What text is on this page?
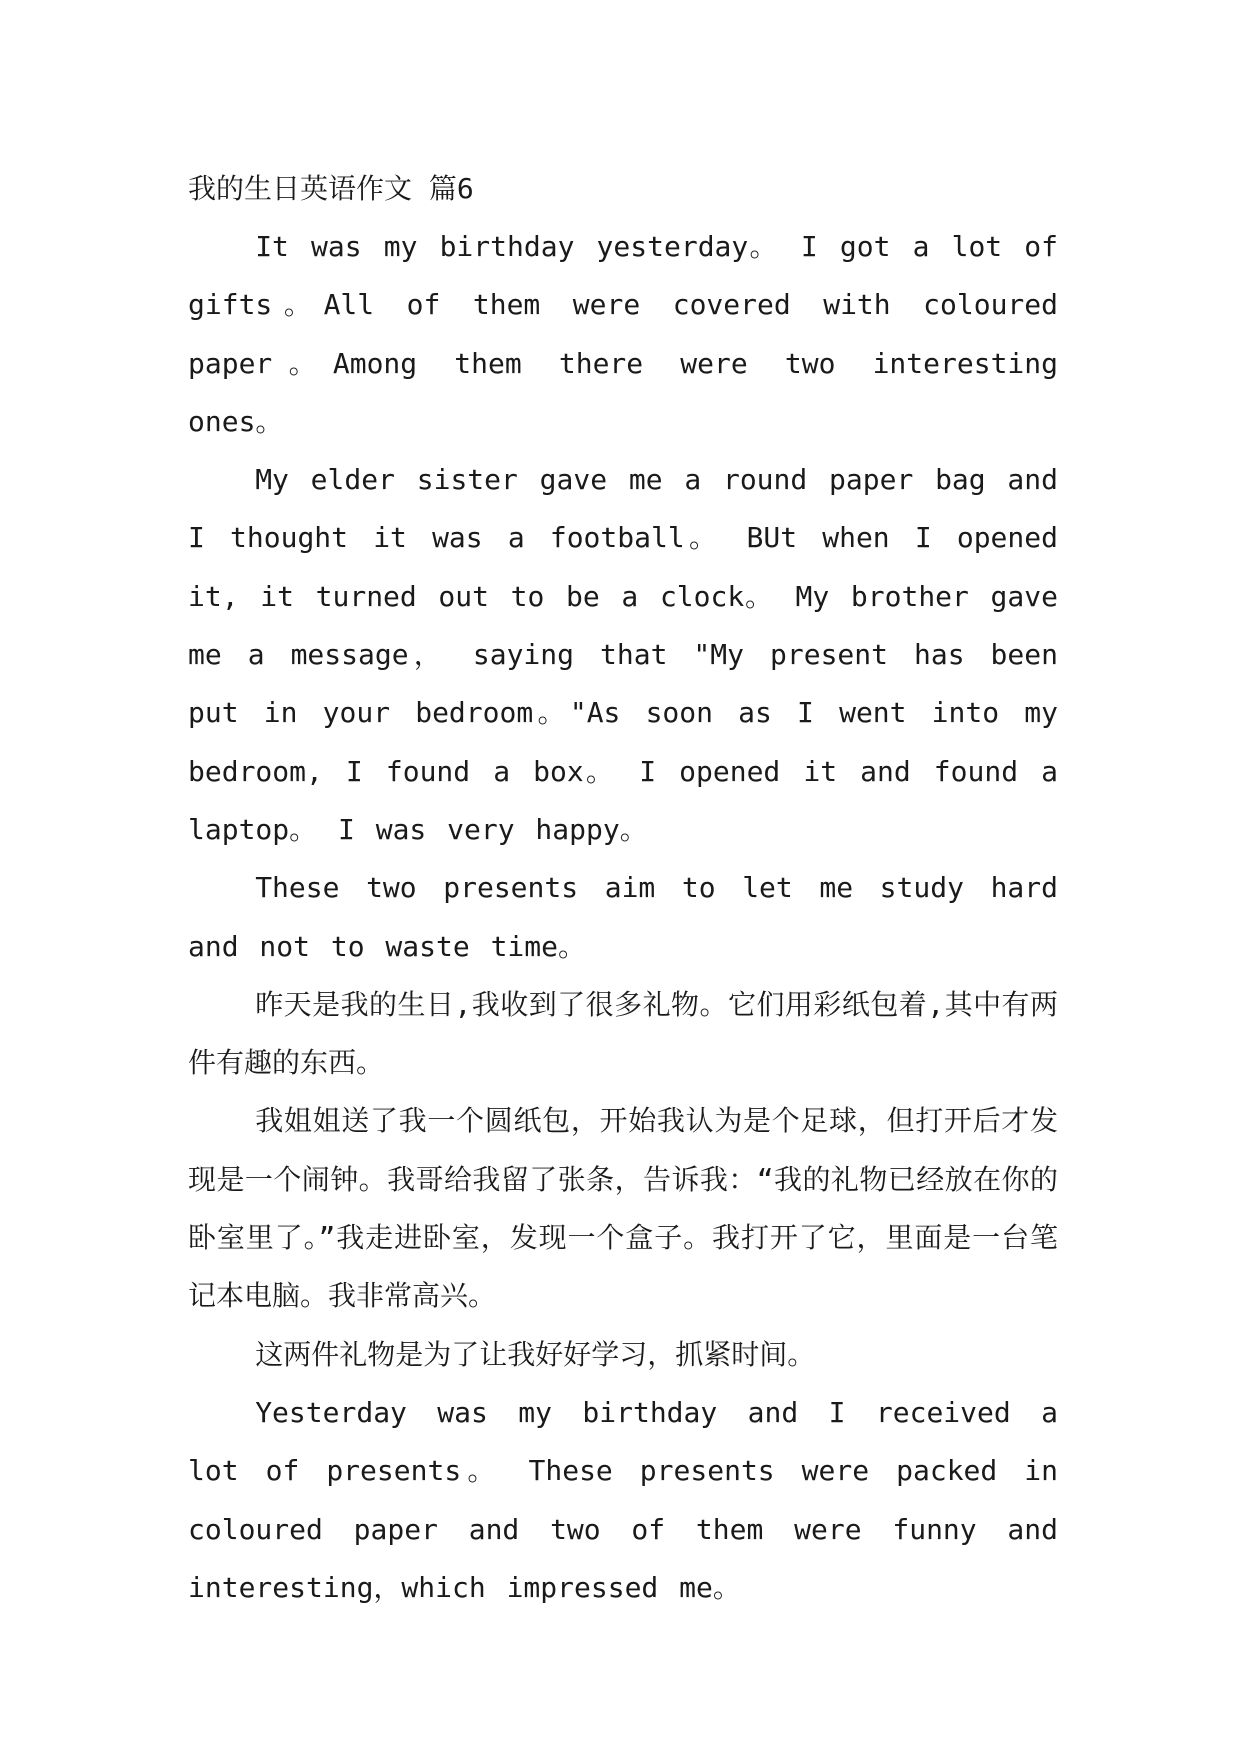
我的生日英语作文 篇6

It was my birthday yesterday。 I got a lot of gifts。All of them were covered with coloured paper。Among them there were two interesting ones。

My elder sister gave me a round paper bag and I thought it was a football。 BUt when I opened it, it turned out to be a clock。 My brother gave me a message， saying that "My present has been put in your bedroom。"As soon as I went into my bedroom, I found a box。 I opened it and found a laptop。 I was very happy。

These two presents aim to let me study hard and not to waste time。

昨天是我的生日,我收到了很多礼物。它们用彩纸包着,其中有两件有趣的东西。

我姐姐送了我一个圆纸包，开始我认为是个足球，但打开后才发现是一个闹钟。我哥给我留了张条，告诉我：“我的礼物已经放在你的卧室里了。”我走进卧室，发现一个盒子。我打开了它，里面是一台笔记本电脑。我非常高兴。

这两件礼物是为了让我好好学习，抓紧时间。

Yesterday was my birthday and I received a lot of presents。 These presents were packed in coloured paper and two of them were funny and interesting，which impressed me。
